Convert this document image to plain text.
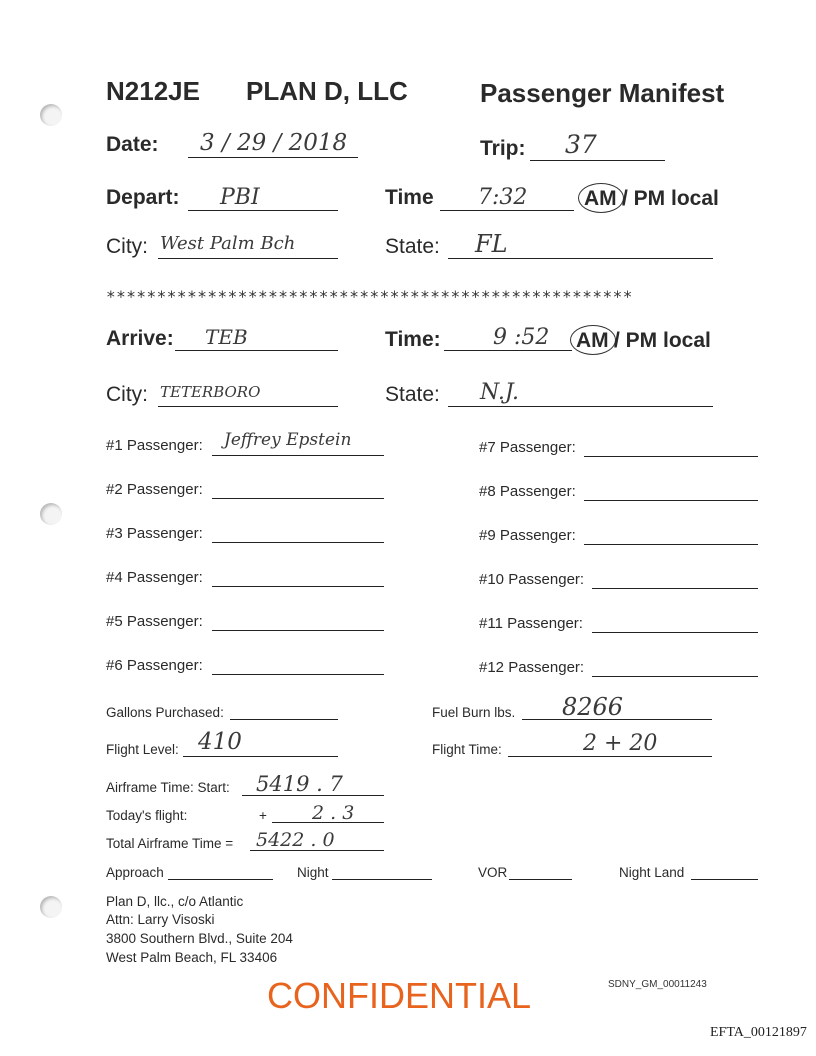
N212JE PLAN D, LLC	Passenger Manifest
Date: 3 / 29 / 2018	Trip: 37
Depart: PBI	Time 7:32	AM / PM local
City: West Palm Bch	State: FL
****************************************************
Arrive: TEB	Time: 9 :52 AM / PM local
City: TETERBORO	State: N.J.
#1 Passenger: Jeffrey Epstein
#2 Passenger:
#3 Passenger:
#4 Passenger:
#5 Passenger:
#6 Passenger:
#7 Passenger:
#8 Passenger:
#9 Passenger:
#10 Passenger:
#11 Passenger:
#12 Passenger:
Gallons Purchased:	Fuel Burn lbs. 8266
Flight Level: 410	Flight Time:	2 + 20
Airframe Time: Start: 5419 . 7
Today's flight:	+ 2 . 3
Total Airframe Time = 5422 . 0
Approach	Night	VOR	Night Land
Plan D, llc., c/o Atlantic
Attn: Larry Visoski
3800 Southern Blvd., Suite 204
West Palm Beach, FL 33406
CONFIDENTIAL	SDNY_GM_00011243
EFTA_00121897
